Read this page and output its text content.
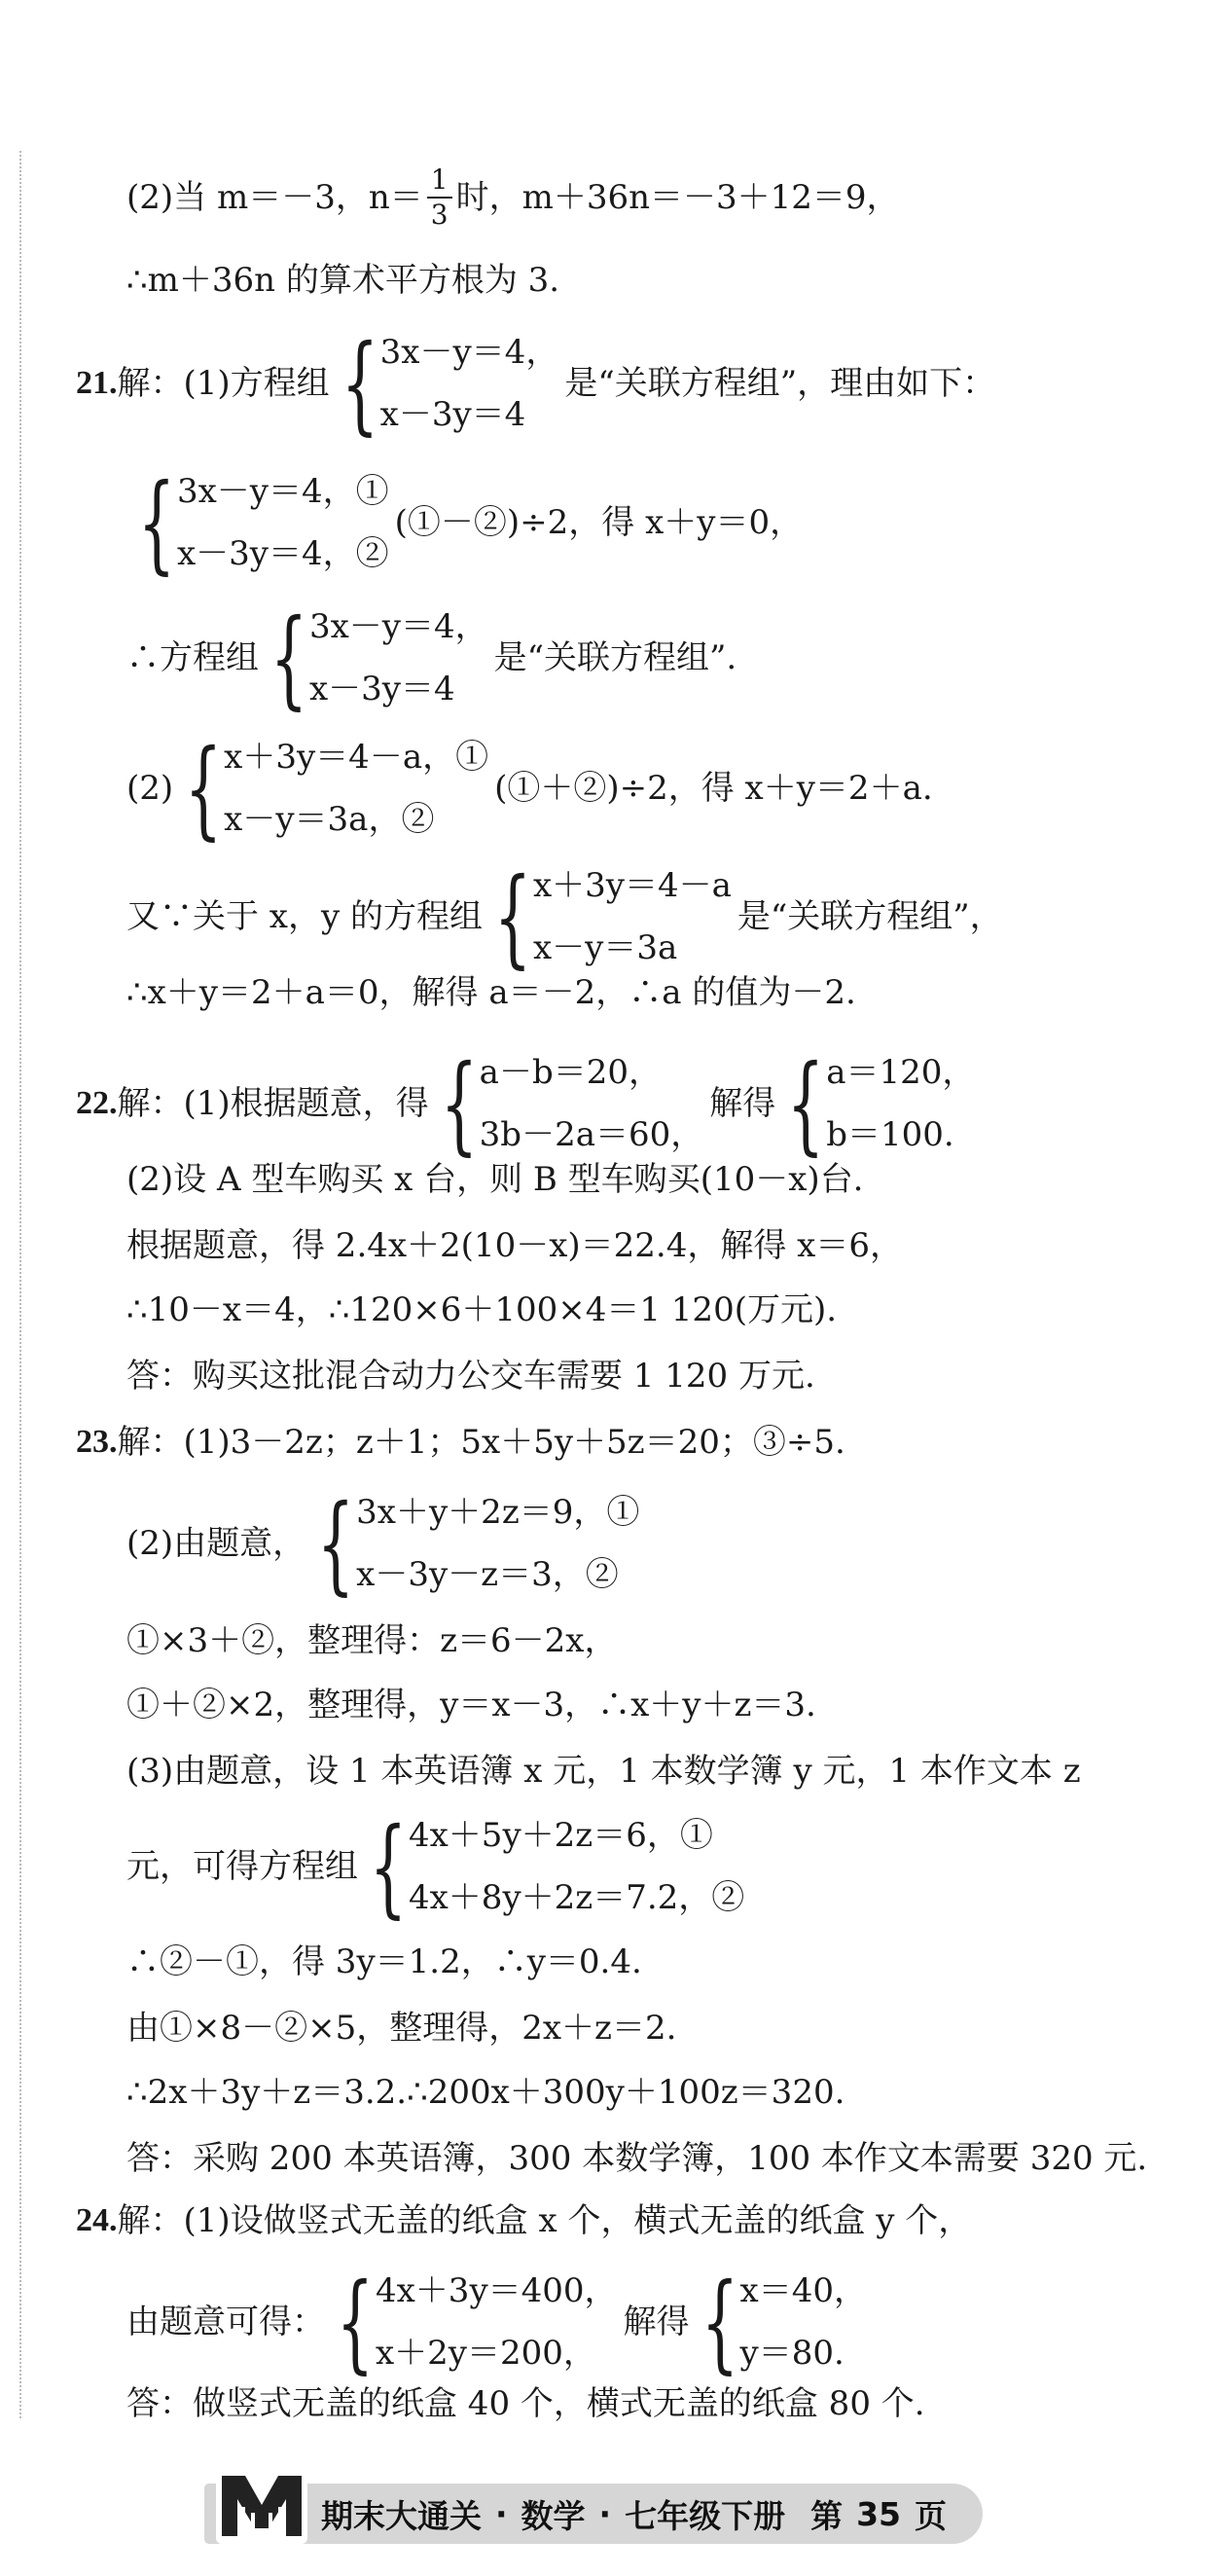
(2)当 m＝－3，$n= \frac{1}{3}$ 时，m＋36n＝－3＋12＝9，
∴m＋36n 的算术平方根为 3.
21. 解：(1)方程组 { 3x－y＝4，
x－3y＝4
是“关联方程组”，理由如下：
{ 3x－y＝4，①
x－3y＝4，②
(①－②)÷2，得 x＋y＝0，
∴方程组 { 3x－y＝4，
x－3y＝4
是“关联方程组”.
(2) { x＋3y＝4－a，①
x－y＝3a，②
(①＋②)÷2，得 x＋y＝2＋a.
又∵关于 x，y 的方程组 { x＋3y＝4－a
x－y＝3a
是“关联方程组”，
∴x＋y＝2＋a＝0，解得 a＝－2，∴a 的值为－2.
22. 解：(1)根据题意，得 { a－b＝20，
3b－2a＝60，
解得 { a＝120，
b＝100.
(2)设 A 型车购买 x 台，则 B 型车购买(10－x)台.
根据题意，得 2.4x＋2(10－x)＝22.4，解得 x＝6，
∴10－x＝4，∴120×6＋100×4＝1 120(万元).
答：购买这批混合动力公交车需要 1 120 万元.
23. 解：(1)3－2z；z＋1；5x＋5y＋5z＝20；③÷5.
(2)由题意， { 3x＋y＋2z＝9，①
x－3y－z＝3，②
①×3＋②，整理得：z＝6－2x，
①＋②×2，整理得，y＝x－3，∴x＋y＋z＝3.
(3)由题意，设 1 本英语簿 x 元，1 本数学簿 y 元，1 本作文本 z
元，可得方程组 { 4x＋5y＋2z＝6，①
4x＋8y＋2z＝7.2，②
∴②－①，得 3y＝1.2，∴y＝0.4.
由①×8－②×5，整理得，2x＋z＝2.
∴2x＋3y＋z＝3.2.∴200x＋300y＋100z＝320.
答：采购 200 本英语簿，300 本数学簿，100 本作文本需要 320 元.
24. 解：(1)设做竖式无盖的纸盒 x 个，横式无盖的纸盒 y 个，
由题意可得： { 4x＋3y＝400，
x＋2y＝200，
解得 { x＝40，
y＝80.
答：做竖式无盖的纸盒 40 个，横式无盖的纸盒 80 个.
期末大通关 · 数学 · 七年级下册 第 35 页
